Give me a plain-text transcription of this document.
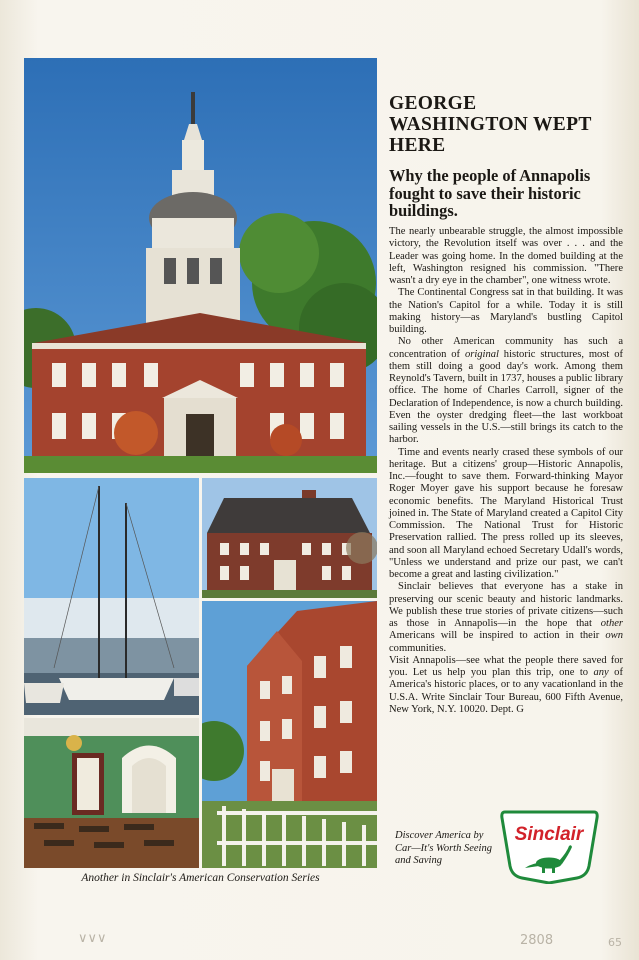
Another in Sinclair's American Conservation Series
GEORGE WASHINGTON WEPT HERE
Why the people of Annapolis fought to save their historic buildings.

The nearly unbearable struggle, the almost impossible victory, the Revolution itself was over . . . and the Leader was going home. In the domed building at the left, Washington resigned his commission. "There wasn't a dry eye in the chamber", one witness wrote.

The Continental Congress sat in that building. It was the Nation's Capitol for a while. Today it is still making history—as Maryland's bustling Capitol building.

No other American community has such a concentration of original historic structures, most of them still doing a good day's work. Among them Reynold's Tavern, built in 1737, houses a public library office. The home of Charles Carroll, signer of the Declaration of Independence, is now a church building. Even the oyster dredging fleet—the last workboat sailing vessels in the U.S.—still brings its catch to the harbor.

Time and events nearly crased these symbols of our heritage. But a citizens' group—Historic Annapolis, Inc.—fought to save them. Forward-thinking Mayor Roger Moyer gave his support because he foresaw economic benefits. The Maryland Historical Trust joined in. The State of Maryland created a Capitol City Commission. The National Trust for Historic Preservation rallied. The press rolled up its sleeves, and soon all Maryland echoed Secretary Udall's words, "Unless we understand and prize our past, we can't become a great and lasting civilization."

Sinclair believes that everyone has a stake in preserving our scenic beauty and historic landmarks. We publish these true stories of private citizens—such as those in Annapolis—in the hope that other Americans will be inspired to action in their own communities.

Visit Annapolis—see what the people there saved for you. Let us help you plan this trip, one to any of America's historic places, or to any vacationland in the U.S.A. Write Sinclair Tour Bureau, 600 Fifth Avenue, New York, N.Y. 10020. Dept. G

Discover America by Car—It's Worth Seeing and Saving
Sinclair
∨∨∨	2808	65
